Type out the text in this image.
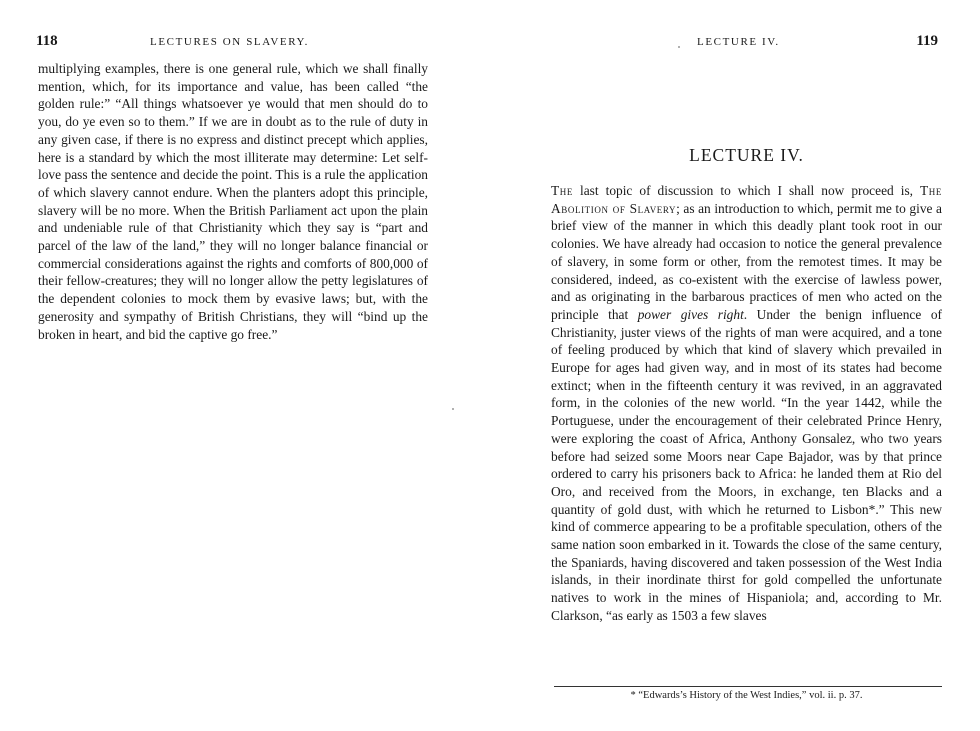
118	LECTURES ON SLAVERY.

multiplying examples, there is one general rule, which we shall finally mention, which, for its importance and value, has been called “the golden rule:” “All things whatsoever ye would that men should do to you, do ye even so to them.” If we are in doubt as to the rule of duty in any given case, if there is no express and distinct precept which applies, here is a standard by which the most illiterate may determine: Let self-love pass the sentence and decide the point. This is a rule the application of which slavery cannot endure. When the planters adopt this principle, slavery will be no more. When the British Parliament act upon the plain and undeniable rule of that Christianity which they say is “part and parcel of the law of the land,” they will no longer balance financial or commercial considerations against the rights and comforts of 800,000 of their fellow-creatures; they will no longer allow the petty legislatures of the dependent colonies to mock them by evasive laws; but, with the generosity and sympathy of British Christians, they will “bind up the broken in heart, and bid the captive go free.”

LECTURE IV.	119
LECTURE IV.

The last topic of discussion to which I shall now proceed is, The Abolition of Slavery; as an introduction to which, permit me to give a brief view of the manner in which this deadly plant took root in our colonies. We have already had occasion to notice the general prevalence of slavery, in some form or other, from the remotest times. It may be considered, indeed, as co-existent with the exercise of lawless power, and as originating in the barbarous practices of men who acted on the principle that power gives right. Under the benign influence of Christianity, juster views of the rights of man were acquired, and a tone of feeling produced by which that kind of slavery which prevailed in Europe for ages had given way, and in most of its states had become extinct; when in the fifteenth century it was revived, in an aggravated form, in the colonies of the new world. “In the year 1442, while the Portuguese, under the encouragement of their celebrated Prince Henry, were exploring the coast of Africa, Anthony Gonsalez, who two years before had seized some Moors near Cape Bajador, was by that prince ordered to carry his prisoners back to Africa: he landed them at Rio del Oro, and received from the Moors, in exchange, ten Blacks and a quantity of gold dust, with which he returned to Lisbon*.” This new kind of commerce appearing to be a profitable speculation, others of the same nation soon embarked in it. Towards the close of the same century, the Spaniards, having discovered and taken possession of the West India islands, in their inordinate thirst for gold compelled the unfortunate natives to work in the mines of Hispaniola; and, according to Mr. Clarkson, “as early as 1503 a few slaves

* “Edwards’s History of the West Indies,” vol. ii. p. 37.
